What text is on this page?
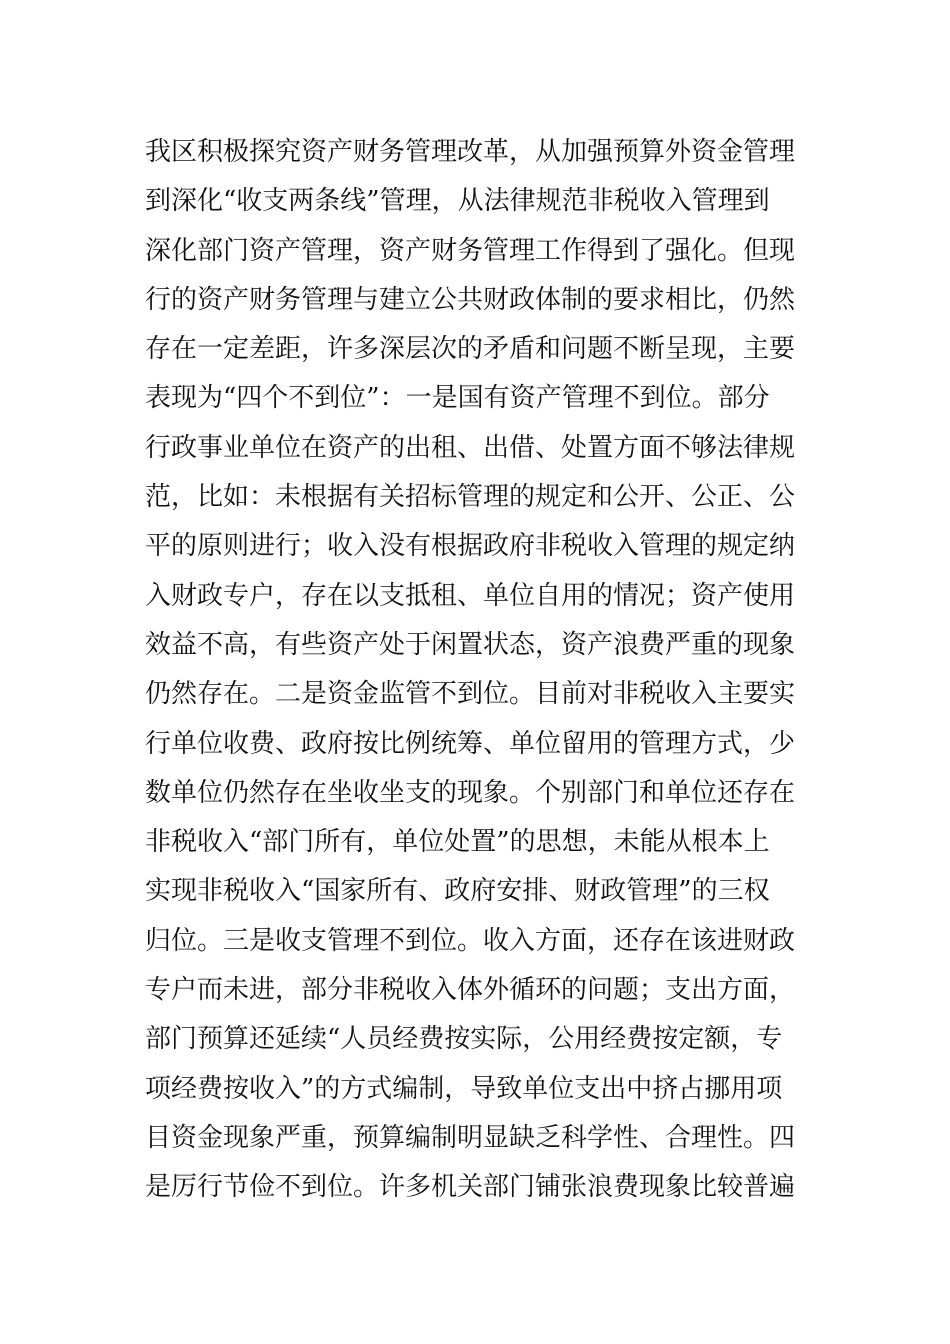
我区积极探究资产财务管理改革，从加强预算外资金管理
到深化“收支两条线”管理，从法律规范非税收入管理到
深化部门资产管理，资产财务管理工作得到了强化。但现
行的资产财务管理与建立公共财政体制的要求相比，仍然
存在一定差距，许多深层次的矛盾和问题不断呈现，主要
表现为“四个不到位”：一是国有资产管理不到位。部分
行政事业单位在资产的出租、出借、处置方面不够法律规
范，比如：未根据有关招标管理的规定和公开、公正、公
平的原则进行；收入没有根据政府非税收入管理的规定纳
入财政专户，存在以支抵租、单位自用的情况；资产使用
效益不高，有些资产处于闲置状态，资产浪费严重的现象
仍然存在。二是资金监管不到位。目前对非税收入主要实
行单位收费、政府按比例统筹、单位留用的管理方式，少
数单位仍然存在坐收坐支的现象。个别部门和单位还存在
非税收入“部门所有，单位处置”的思想，未能从根本上
实现非税收入“国家所有、政府安排、财政管理”的三权
归位。三是收支管理不到位。收入方面，还存在该进财政
专户而未进，部分非税收入体外循环的问题；支出方面，
部门预算还延续“人员经费按实际，公用经费按定额，专
项经费按收入”的方式编制，导致单位支出中挤占挪用项
目资金现象严重，预算编制明显缺乏科学性、合理性。四
是厉行节俭不到位。许多机关部门铺张浪费现象比较普遍
